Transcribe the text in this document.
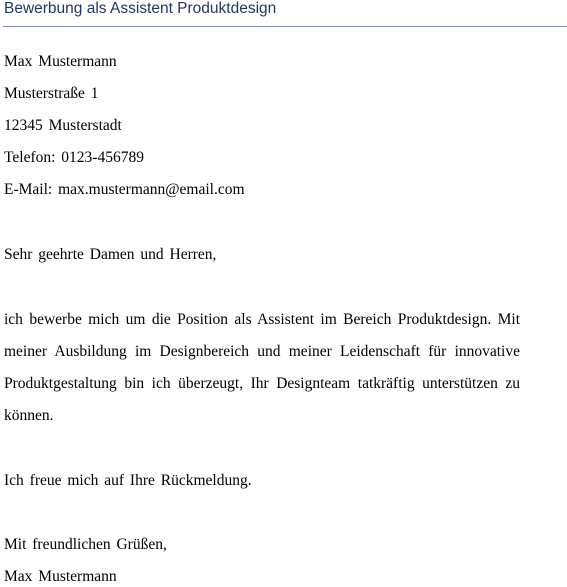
Bewerbung als Assistent Produktdesign
Max Mustermann
Musterstraße 1
12345 Musterstadt
Telefon: 0123-456789
E-Mail: max.mustermann@email.com
Sehr geehrte Damen und Herren,
ich bewerbe mich um die Position als Assistent im Bereich Produktdesign. Mit
meiner Ausbildung im Designbereich und meiner Leidenschaft für innovative
Produktgestaltung bin ich überzeugt, Ihr Designteam tatkräftig unterstützen zu
können.
Ich freue mich auf Ihre Rückmeldung.
Mit freundlichen Grüßen,
Max Mustermann
